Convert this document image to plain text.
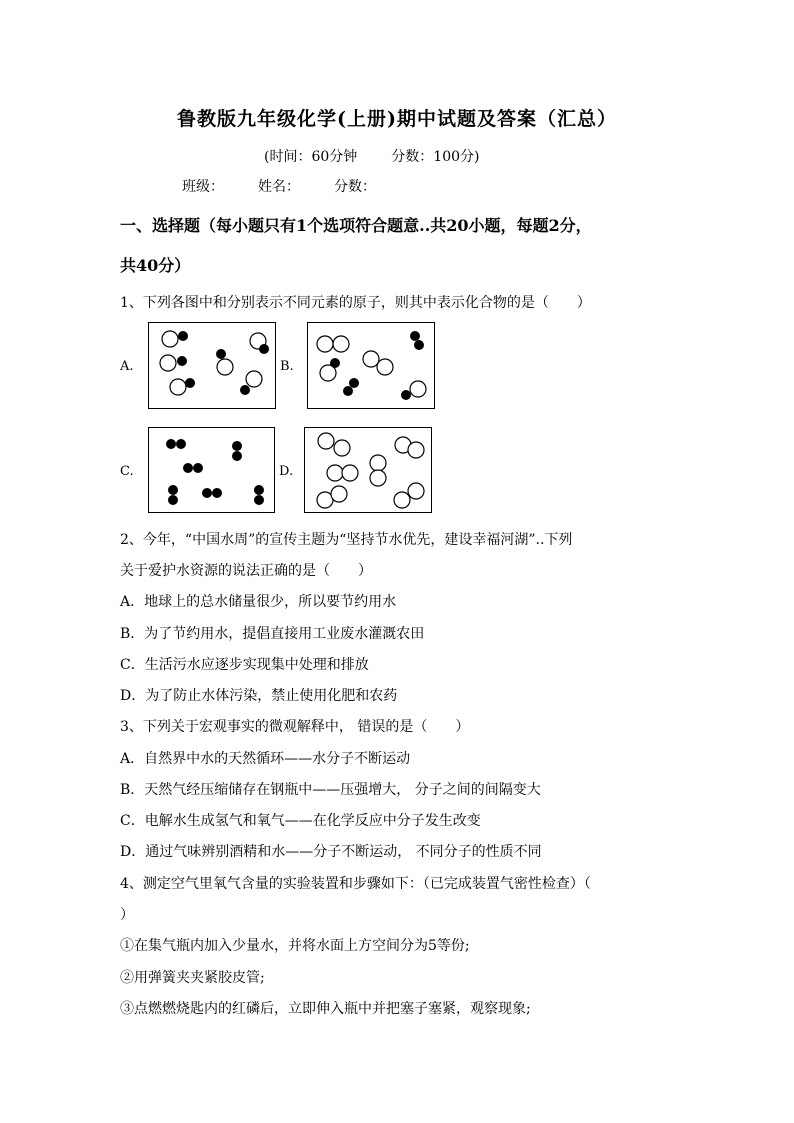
鲁教版九年级化学(上册)期中试题及答案（汇总）
(时间：60分钟 分数：100分)
班级： 姓名： 分数：
一、选择题（每小题只有1个选项符合题意..共20小题，每题2分，
共40分）
1、下列各图中和分别表示不同元素的原子，则其中表示化合物的是（　　）
A.	B.
C.	D.
2、今年，“中国水周”的宣传主题为“坚持节水优先，建设幸福河湖”..下列
关于爱护水资源的说法正确的是（　　）
A．地球上的总水储量很少，所以要节约用水
B．为了节约用水，提倡直接用工业废水灌溉农田
C．生活污水应逐步实现集中处理和排放
D．为了防止水体污染，禁止使用化肥和农药
3、下列关于宏观事实的微观解释中， 错误的是（　　）
A．自然界中水的天然循环——水分子不断运动
B．天然气经压缩储存在钢瓶中——压强增大， 分子之间的间隔变大
C．电解水生成氢气和氧气——在化学反应中分子发生改变
D．通过气味辨别酒精和水——分子不断运动， 不同分子的性质不同
4、测定空气里氧气含量的实验装置和步骤如下：（已完成装置气密性检查）（
）
①在集气瓶内加入少量水，并将水面上方空间分为5等份;
②用弹簧夹夹紧胶皮管;
③点燃燃烧匙内的红磷后，立即伸入瓶中并把塞子塞紧，观察现象;
